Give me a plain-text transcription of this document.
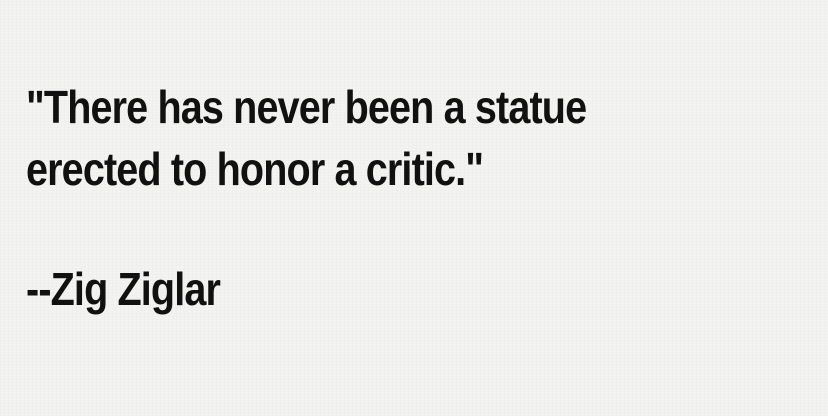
"There has never been a statue
erected to honor a critic."

--Zig Ziglar
